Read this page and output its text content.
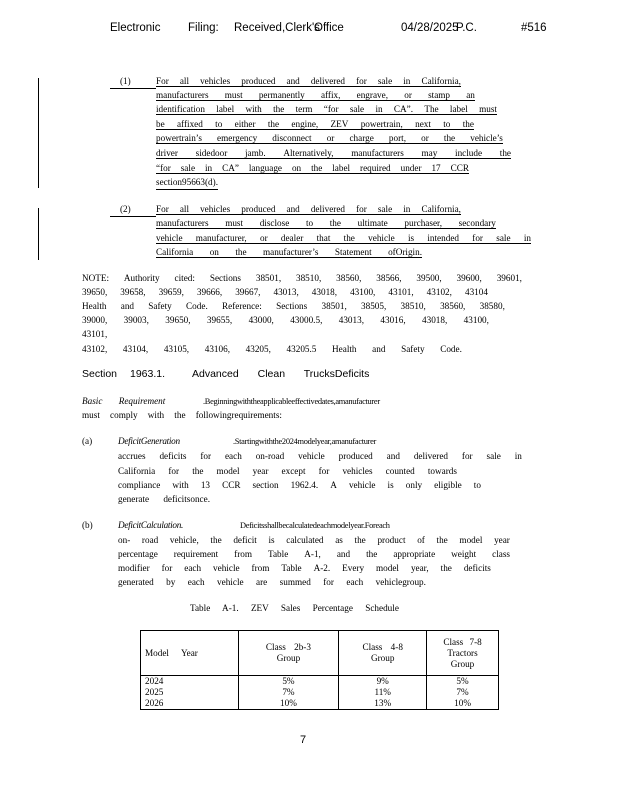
Electronic Filing: Received,Clerk's
Office	04/28/2025
P.C.	#516
(1)	For all vehicles produced and delivered for sale in California,
manufacturers must permanently affix, engrave, or stamp an
identification label with the term “for sale in CA”. The label must
be affixed to either the engine, ZEV powertrain, next to the
powertrain’s emergency disconnect or charge port, or the vehicle’s
driver sidedoor jamb. Alternatively, manufacturers may include the
“for sale in CA” language on the label required under 17 CCR
section95663(d).
(2)	For all vehicles produced and delivered for sale in California,
manufacturers must disclose to the ultimate purchaser, secondary
vehicle manufacturer, or dealer that the vehicle is intended for sale in
California on the manufacturer’s Statement ofOrigin.
NOTE: Authority cited: Sections 38501, 38510, 38560, 38566, 39500, 39600, 39601,
39650, 39658, 39659, 39666, 39667, 43013, 43018, 43100, 43101, 43102, 43104
Health and Safety Code. Reference: Sections 38501, 38505, 38510, 38560, 38580,
39000, 39003, 39650, 39655, 43000, 43000.5, 43013, 43016, 43018, 43100,
43101,
43102, 43104, 43105, 43106, 43205, 43205.5 Health and Safety Code.
Section 1963.1.	Advanced Clean TrucksDeficits
Basic Requirement	.Beginningwiththeapplicableeffectivedates,amanufacturer
must comply with the followingrequirements:
(a)	DeficitGeneration	.Startingwiththe2024modelyear,amanufacturer
accrues deficits for each on-road vehicle produced and delivered for sale in
California for the model year except for vehicles counted towards
compliance with 13 CCR section 1962.4. A vehicle is only eligible to
generate deficitsonce.
(b)	DeficitCalculation.	Deficitsshallbecalculatedeachmodelyear.Foreach
on- road vehicle, the deficit is calculated as the product of the model year
percentage requirement from Table A-1, and the appropriate weight class
modifier for each vehicle from Table A-2. Every model year, the deficits
generated by each vehicle are summed for each vehiclegroup.
Table A-1. ZEV Sales Percentage Schedule
Model Year	Class 2b-3 Group	Class 4-8 Group	Class 7-8 Tractors Group

2024	5%	9%	5%
2025	7%	11%	7%
2026	10%	13%	10%
7
